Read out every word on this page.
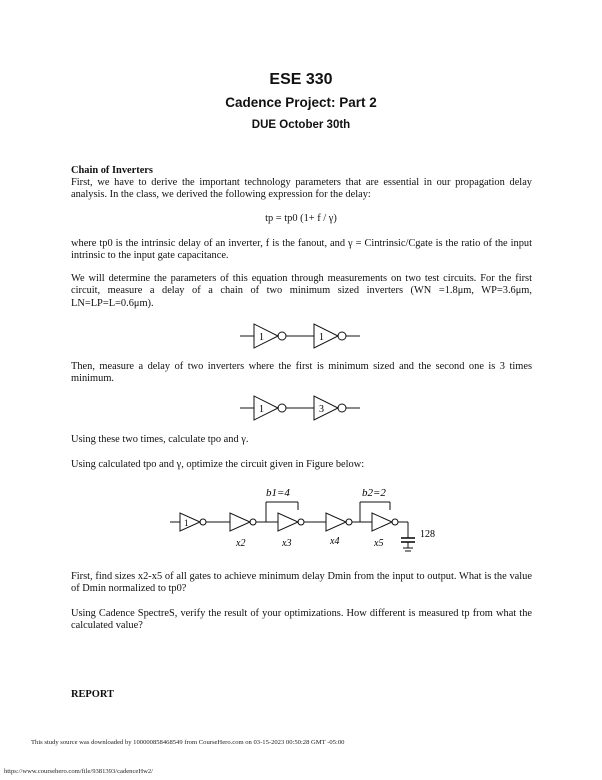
ESE 330
Cadence Project: Part 2
DUE October 30th
Chain of Inverters
First, we have to derive the important technology parameters that are essential in our propagation delay analysis. In the class, we derived the following expression for the delay:
tp = tp0 (1+ f / γ)
where tp0 is the intrinsic delay of an inverter, f is the fanout, and γ = Cintrinsic/Cgate is the ratio of the input intrinsic to the input gate capacitance.
We will determine the parameters of this equation through measurements on two test circuits. For the first circuit, measure a delay of a chain of two minimum sized inverters (WN =1.8μm, WP=3.6μm, LN=LP=L=0.6μm).
1	1
Then, measure a delay of two inverters where the first is minimum sized and the second one is 3 times minimum.
1	3
Using these two times, calculate tpo and γ.
Using calculated tpo and γ, optimize the circuit given in Figure below:
1
b1=4	b2=2
x2	x3	x4	x5
128
First, find sizes x2-x5 of all gates to achieve minimum delay Dmin from the input to output. What is the value of Dmin normalized to tp0?
Using Cadence SpectreS, verify the result of your optimizations. How different is measured tp from what the calculated value?
REPORT
This study source was downloaded by 100000858468549 from CourseHero.com on 03-15-2023 00:50:28 GMT -05:00
https://www.coursehero.com/file/9381393/cadenceHw2/
